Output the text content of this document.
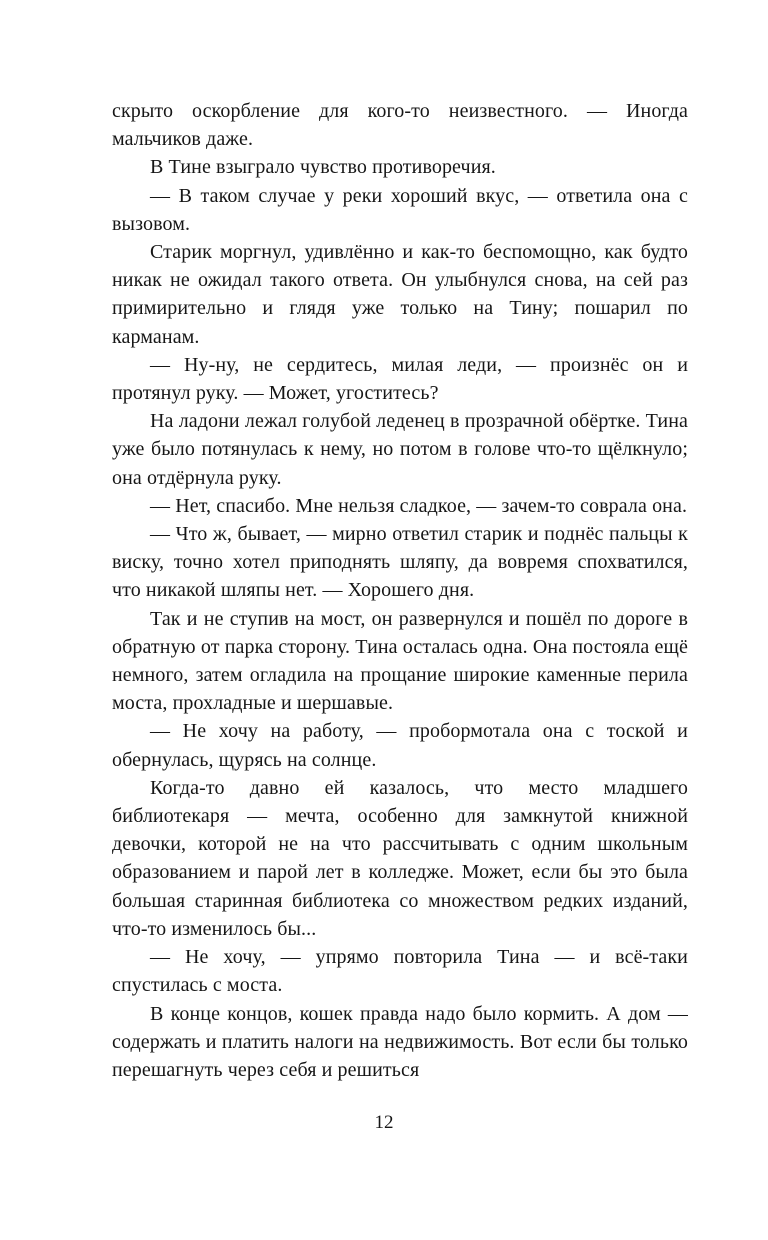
скрыто оскорбление для кого-то неизвестного. — Иногда мальчиков даже.

В Тине взыграло чувство противоречия.

— В таком случае у реки хороший вкус, — ответила она с вызовом.

Старик моргнул, удивлённо и как-то беспомощно, как будто никак не ожидал такого ответа. Он улыбнулся снова, на сей раз примирительно и глядя уже только на Тину; пошарил по карманам.

— Ну-ну, не сердитесь, милая леди, — произнёс он и протянул руку. — Может, угоститесь?

На ладони лежал голубой леденец в прозрачной обёртке. Тина уже было потянулась к нему, но потом в голове что-то щёлкнуло; она отдёрнула руку.

— Нет, спасибо. Мне нельзя сладкое, — зачем-то соврала она.

— Что ж, бывает, — мирно ответил старик и поднёс пальцы к виску, точно хотел приподнять шляпу, да вовремя спохватился, что никакой шляпы нет. — Хорошего дня.

Так и не ступив на мост, он развернулся и пошёл по дороге в обратную от парка сторону. Тина осталась одна. Она постояла ещё немного, затем огладила на прощание широкие каменные перила моста, прохладные и шершавые.

— Не хочу на работу, — пробормотала она с тоской и обернулась, щурясь на солнце.

Когда-то давно ей казалось, что место младшего библиотекаря — мечта, особенно для замкнутой книжной девочки, которой не на что рассчитывать с одним школьным образованием и парой лет в колледже. Может, если бы это была большая старинная библиотека со множеством редких изданий, что-то изменилось бы...

— Не хочу, — упрямо повторила Тина — и всё-таки спустилась с моста.

В конце концов, кошек правда надо было кормить. А дом — содержать и платить налоги на недвижимость. Вот если бы только перешагнуть через себя и решиться

12
